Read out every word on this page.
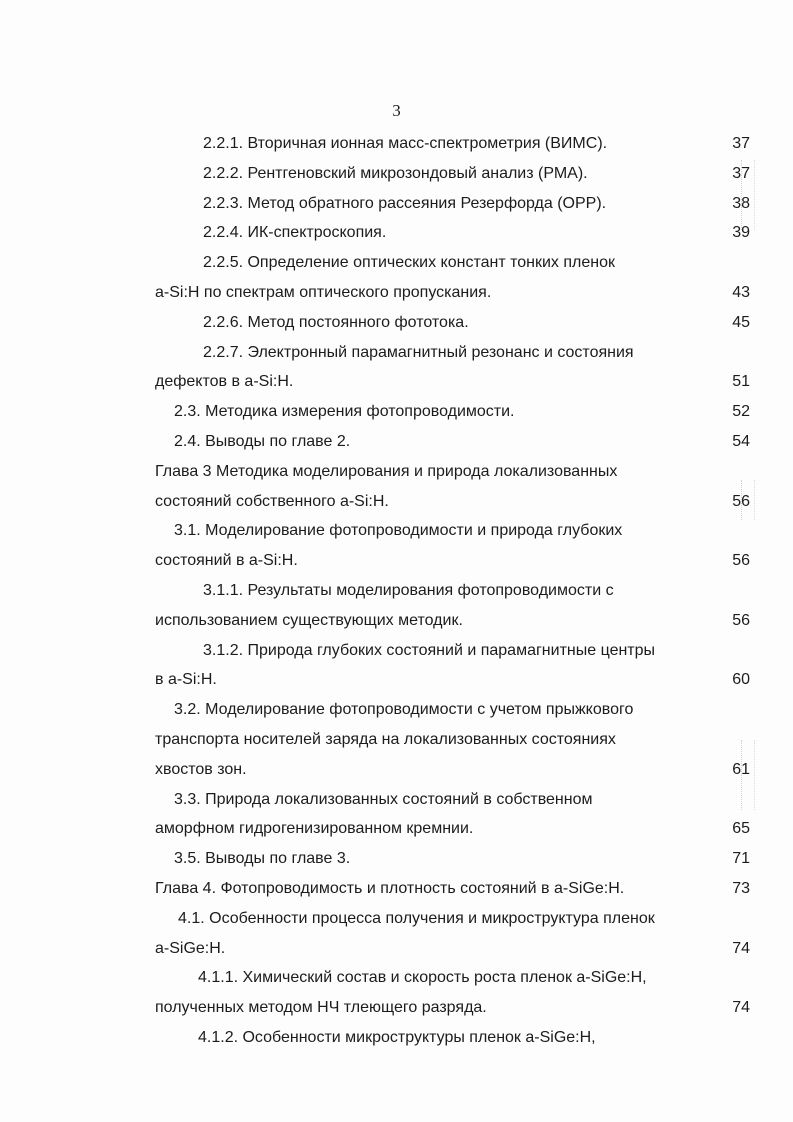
3
2.2.1. Вторичная ионная масс-спектрометрия (ВИМС).	37
2.2.2. Рентгеновский микрозондовый анализ (РМА).	37
2.2.3. Метод обратного рассеяния Резерфорда (ОРР).	38
2.2.4. ИК-спектроскопия.	39
2.2.5. Определение оптических констант тонких пленок
a-Si:H по спектрам оптического пропускания.	43
2.2.6. Метод постоянного фототока.	45
2.2.7. Электронный парамагнитный резонанс и состояния
дефектов в a-Si:H.	51
2.3. Методика измерения фотопроводимости.	52
2.4. Выводы по главе 2.	54
Глава 3 Методика моделирования и природа локализованных
состояний собственного a-Si:H.	56
3.1. Моделирование фотопроводимости и природа глубоких
состояний в a-Si:H.	56
3.1.1. Результаты моделирования фотопроводимости с
использованием существующих методик.	56
3.1.2. Природа глубоких состояний и парамагнитные центры
в a-Si:H.	60
3.2. Моделирование фотопроводимости с учетом прыжкового
транспорта носителей заряда на локализованных состояниях
хвостов зон.	61
3.3. Природа локализованных состояний в собственном
аморфном гидрогенизированном кремнии.	65
3.5. Выводы по главе 3.	71
Глава 4. Фотопроводимость и плотность состояний в a-SiGe:H.	73
4.1. Особенности процесса получения и микроструктура пленок
a-SiGe:H.	74
4.1.1. Химический состав и скорость роста пленок a-SiGe:H,
полученных методом НЧ тлеющего разряда.	74
4.1.2. Особенности микроструктуры пленок a-SiGe:H,
